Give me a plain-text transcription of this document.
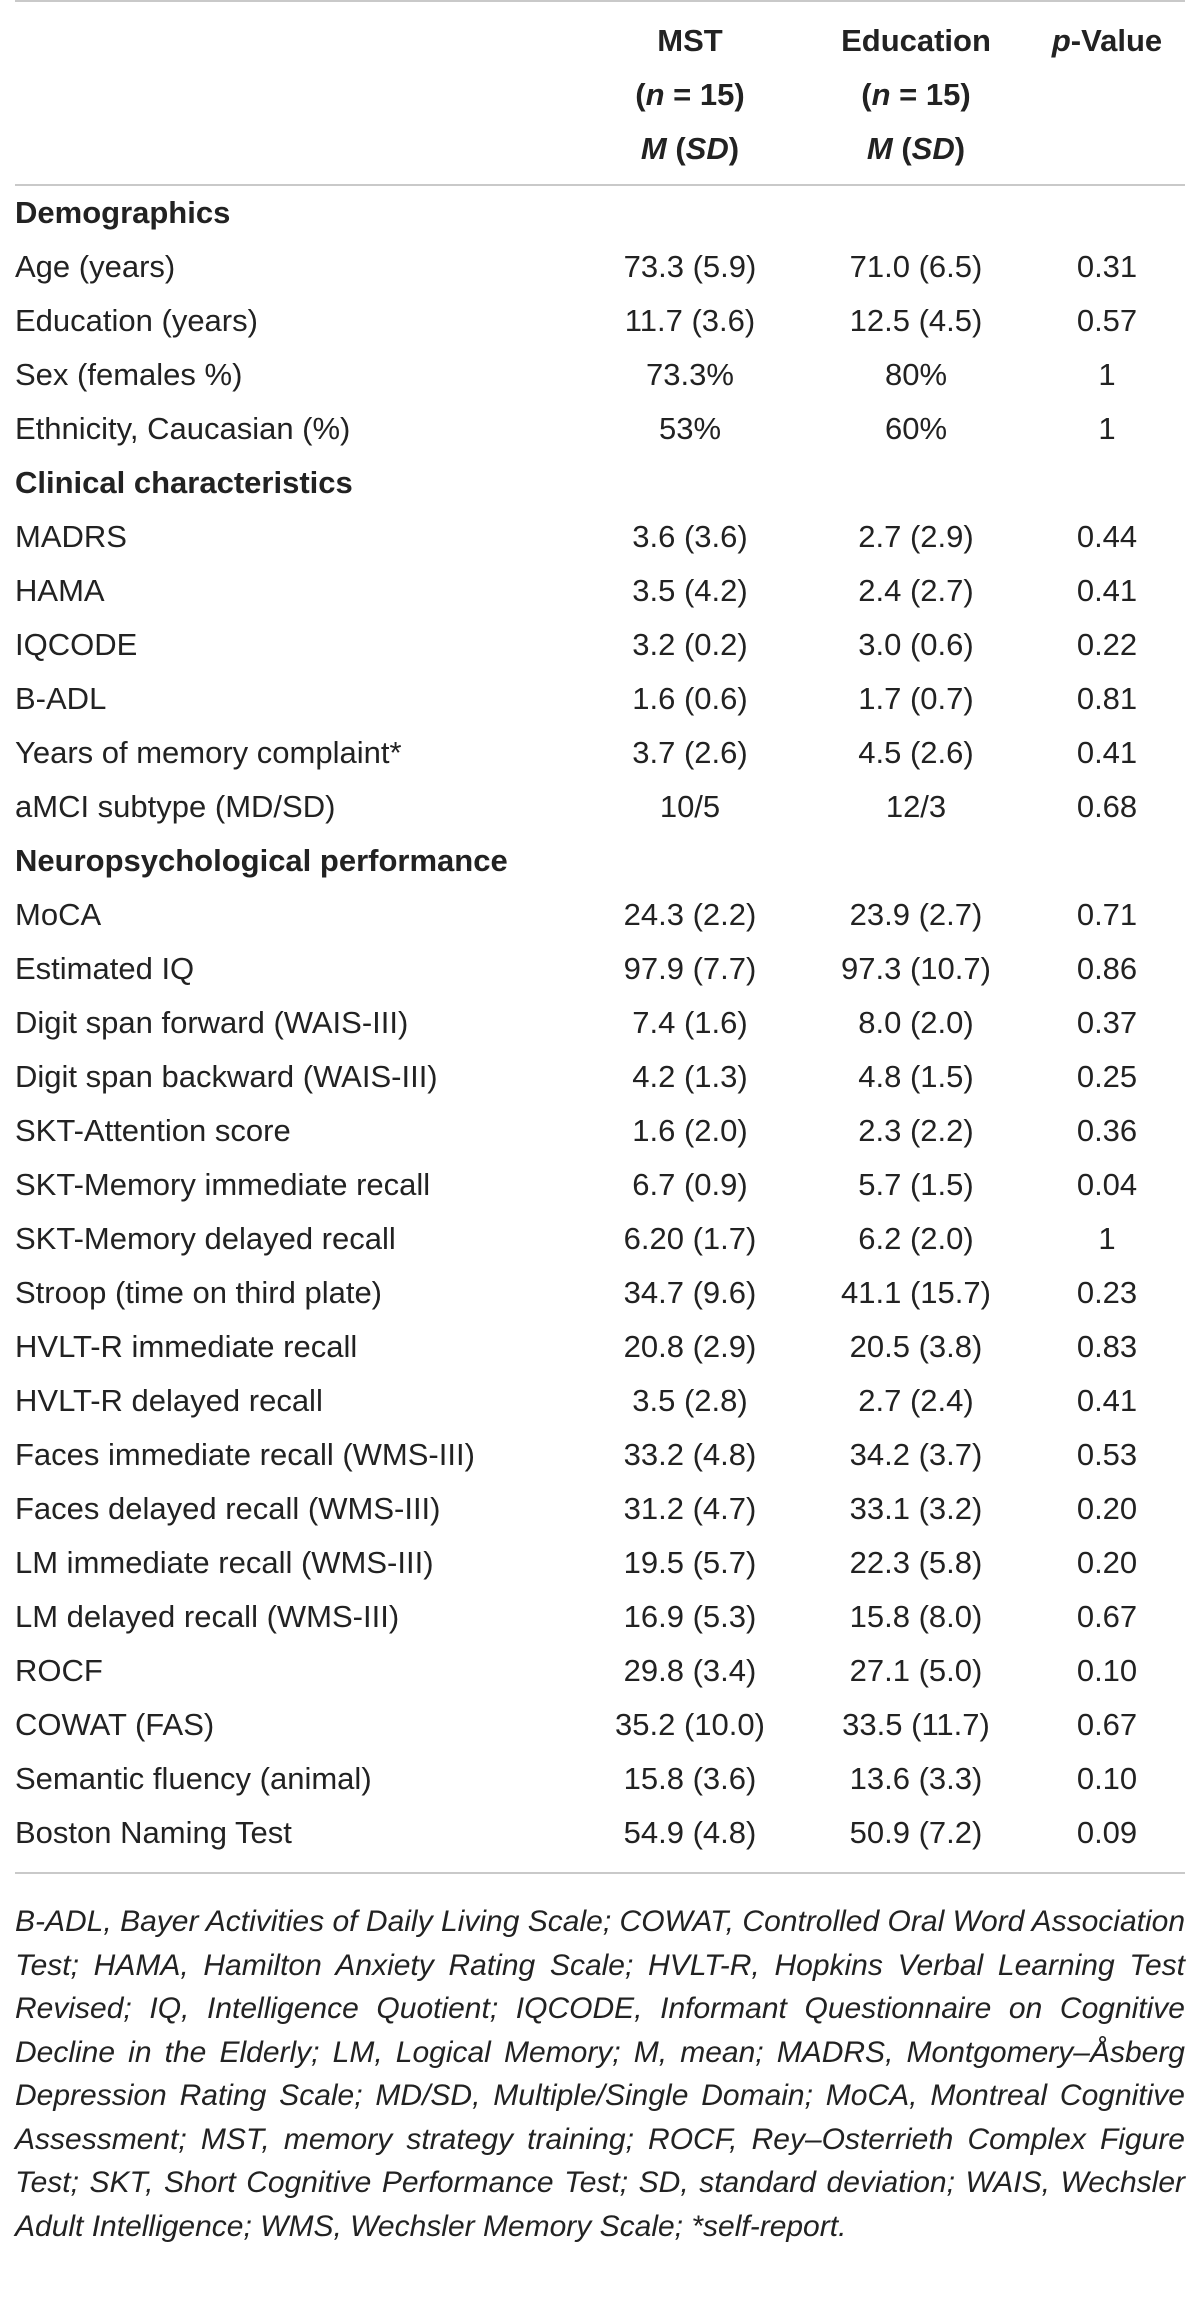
	MST	Education	p-Value
	(n = 15)	(n = 15)	
	M (SD)	M (SD)	

Demographics			
Age (years)	73.3 (5.9)	71.0 (6.5)	0.31
Education (years)	11.7 (3.6)	12.5 (4.5)	0.57
Sex (females %)	73.3%	80%	1
Ethnicity, Caucasian (%)	53%	60%	1
Clinical characteristics			
MADRS	3.6 (3.6)	2.7 (2.9)	0.44
HAMA	3.5 (4.2)	2.4 (2.7)	0.41
IQCODE	3.2 (0.2)	3.0 (0.6)	0.22
B-ADL	1.6 (0.6)	1.7 (0.7)	0.81
Years of memory complaint*	3.7 (2.6)	4.5 (2.6)	0.41
aMCI subtype (MD/SD)	10/5	12/3	0.68
Neuropsychological performance			
MoCA	24.3 (2.2)	23.9 (2.7)	0.71
Estimated IQ	97.9 (7.7)	97.3 (10.7)	0.86
Digit span forward (WAIS-III)	7.4 (1.6)	8.0 (2.0)	0.37
Digit span backward (WAIS-III)	4.2 (1.3)	4.8 (1.5)	0.25
SKT-Attention score	1.6 (2.0)	2.3 (2.2)	0.36
SKT-Memory immediate recall	6.7 (0.9)	5.7 (1.5)	0.04
SKT-Memory delayed recall	6.20 (1.7)	6.2 (2.0)	1
Stroop (time on third plate)	34.7 (9.6)	41.1 (15.7)	0.23
HVLT-R immediate recall	20.8 (2.9)	20.5 (3.8)	0.83
HVLT-R delayed recall	3.5 (2.8)	2.7 (2.4)	0.41
Faces immediate recall (WMS-III)	33.2 (4.8)	34.2 (3.7)	0.53
Faces delayed recall (WMS-III)	31.2 (4.7)	33.1 (3.2)	0.20
LM immediate recall (WMS-III)	19.5 (5.7)	22.3 (5.8)	0.20
LM delayed recall (WMS-III)	16.9 (5.3)	15.8 (8.0)	0.67
ROCF	29.8 (3.4)	27.1 (5.0)	0.10
COWAT (FAS)	35.2 (10.0)	33.5 (11.7)	0.67
Semantic fluency (animal)	15.8 (3.6)	13.6 (3.3)	0.10
Boston Naming Test	54.9 (4.8)	50.9 (7.2)	0.09

B-ADL, Bayer Activities of Daily Living Scale; COWAT, Controlled Oral Word Association Test; HAMA, Hamilton Anxiety Rating Scale; HVLT-R, Hopkins Verbal Learning Test Revised; IQ, Intelligence Quotient; IQCODE, Informant Questionnaire on Cognitive Decline in the Elderly; LM, Logical Memory; M, mean; MADRS, Montgomery–Åsberg Depression Rating Scale; MD/SD, Multiple/Single Domain; MoCA, Montreal Cognitive Assessment; MST, memory strategy training; ROCF, Rey–Osterrieth Complex Figure Test; SKT, Short Cognitive Performance Test; SD, standard deviation; WAIS, Wechsler Adult Intelligence; WMS, Wechsler Memory Scale; *self-report.
